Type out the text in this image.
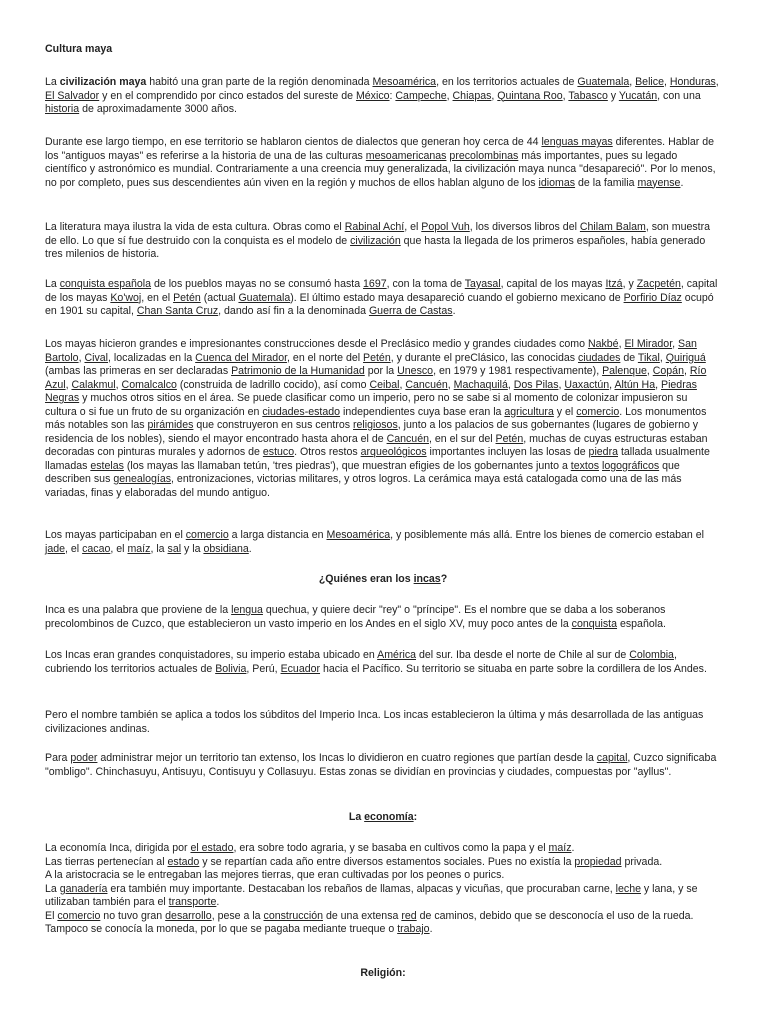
Cultura maya

La civilización maya habitó una gran parte de la región denominada Mesoamérica, en los territorios actuales de Guatemala, Belice, Honduras, El Salvador y en el comprendido por cinco estados del sureste de México: Campeche, Chiapas, Quintana Roo, Tabasco y Yucatán, con una historia de aproximadamente 3000 años.

Durante ese largo tiempo, en ese territorio se hablaron cientos de dialectos que generan hoy cerca de 44 lenguas mayas diferentes. Hablar de los "antiguos mayas" es referirse a la historia de una de las culturas mesoamericanas precolombinas más importantes, pues su legado científico y astronómico es mundial. Contrariamente a una creencia muy generalizada, la civilización maya nunca "desapareció". Por lo menos, no por completo, pues sus descendientes aún viven en la región y muchos de ellos hablan alguno de los idiomas de la familia mayense.

La literatura maya ilustra la vida de esta cultura. Obras como el Rabinal Achí, el Popol Vuh, los diversos libros del Chilam Balam, son muestra de ello. Lo que sí fue destruido con la conquista es el modelo de civilización que hasta la llegada de los primeros españoles, había generado tres milenios de historia.

La conquista española de los pueblos mayas no se consumó hasta 1697, con la toma de Tayasal, capital de los mayas Itzá, y Zacpetén, capital de los mayas Ko'woj, en el Petén (actual Guatemala). El último estado maya desapareció cuando el gobierno mexicano de Porfirio Díaz ocupó en 1901 su capital, Chan Santa Cruz, dando así fin a la denominada Guerra de Castas.

Los mayas hicieron grandes e impresionantes construcciones desde el Preclásico medio y grandes ciudades como Nakbé, El Mirador, San Bartolo, Cival, localizadas en la Cuenca del Mirador, en el norte del Petén, y durante el preClásico, las conocidas ciudades de Tikal, Quiriguá (ambas las primeras en ser declaradas Patrimonio de la Humanidad por la Unesco, en 1979 y 1981 respectivamente), Palenque, Copán, Río Azul, Calakmul, Comalcalco (construida de ladrillo cocido), así como Ceibal, Cancuén, Machaquilá, Dos Pilas, Uaxactún, Altún Ha, Piedras Negras y muchos otros sitios en el área. Se puede clasificar como un imperio, pero no se sabe si al momento de colonizar impusieron su cultura o si fue un fruto de su organización en ciudades-estado independientes cuya base eran la agricultura y el comercio. Los monumentos más notables son las pirámides que construyeron en sus centros religiosos, junto a los palacios de sus gobernantes (lugares de gobierno y residencia de los nobles), siendo el mayor encontrado hasta ahora el de Cancuén, en el sur del Petén, muchas de cuyas estructuras estaban decoradas con pinturas murales y adornos de estuco. Otros restos arqueológicos importantes incluyen las losas de piedra tallada usualmente llamadas estelas (los mayas las llamaban tetún, 'tres piedras'), que muestran efigies de los gobernantes junto a textos logográficos que describen sus genealogías, entronizaciones, victorias militares, y otros logros. La cerámica maya está catalogada como una de las más variadas, finas y elaboradas del mundo antiguo.

Los mayas participaban en el comercio a larga distancia en Mesoamérica, y posiblemente más allá. Entre los bienes de comercio estaban el jade, el cacao, el maíz, la sal y la obsidiana.

¿Quiénes eran los incas?

Inca es una palabra que proviene de la lengua quechua, y quiere decir "rey" o "príncipe". Es el nombre que se daba a los soberanos precolombinos de Cuzco, que establecieron un vasto imperio en los Andes en el siglo XV, muy poco antes de la conquista española.

Los Incas eran grandes conquistadores, su imperio estaba ubicado en América del sur. Iba desde el norte de Chile al sur de Colombia, cubriendo los territorios actuales de Bolivia, Perú, Ecuador hacia el Pacífico. Su territorio se situaba en parte sobre la cordillera de los Andes.

Pero el nombre también se aplica a todos los súbditos del Imperio Inca. Los incas establecieron la última y más desarrollada de las antiguas civilizaciones andinas.

Para poder administrar mejor un territorio tan extenso, los Incas lo dividieron en cuatro regiones que partían desde la capital, Cuzco significaba "ombligo". Chinchasuyu, Antisuyu, Contisuyu y Collasuyu. Estas zonas se dividían en provincias y ciudades, compuestas por "ayllus".

La economía:
La economía Inca, dirigida por el estado, era sobre todo agraria, y se basaba en cultivos como la papa y el maíz.
Las tierras pertenecían al estado y se repartían cada año entre diversos estamentos sociales. Pues no existía la propiedad privada.
A la aristocracia se le entregaban las mejores tierras, que eran cultivadas por los peones o purics.
La ganadería era también muy importante. Destacaban los rebaños de llamas, alpacas y vicuñas, que procuraban carne, leche y lana, y se utilizaban también para el transporte.
El comercio no tuvo gran desarrollo, pese a la construcción de una extensa red de caminos, debido que se desconocía el uso de la rueda.
Tampoco se conocía la moneda, por lo que se pagaba mediante trueque o trabajo.
Religión:
